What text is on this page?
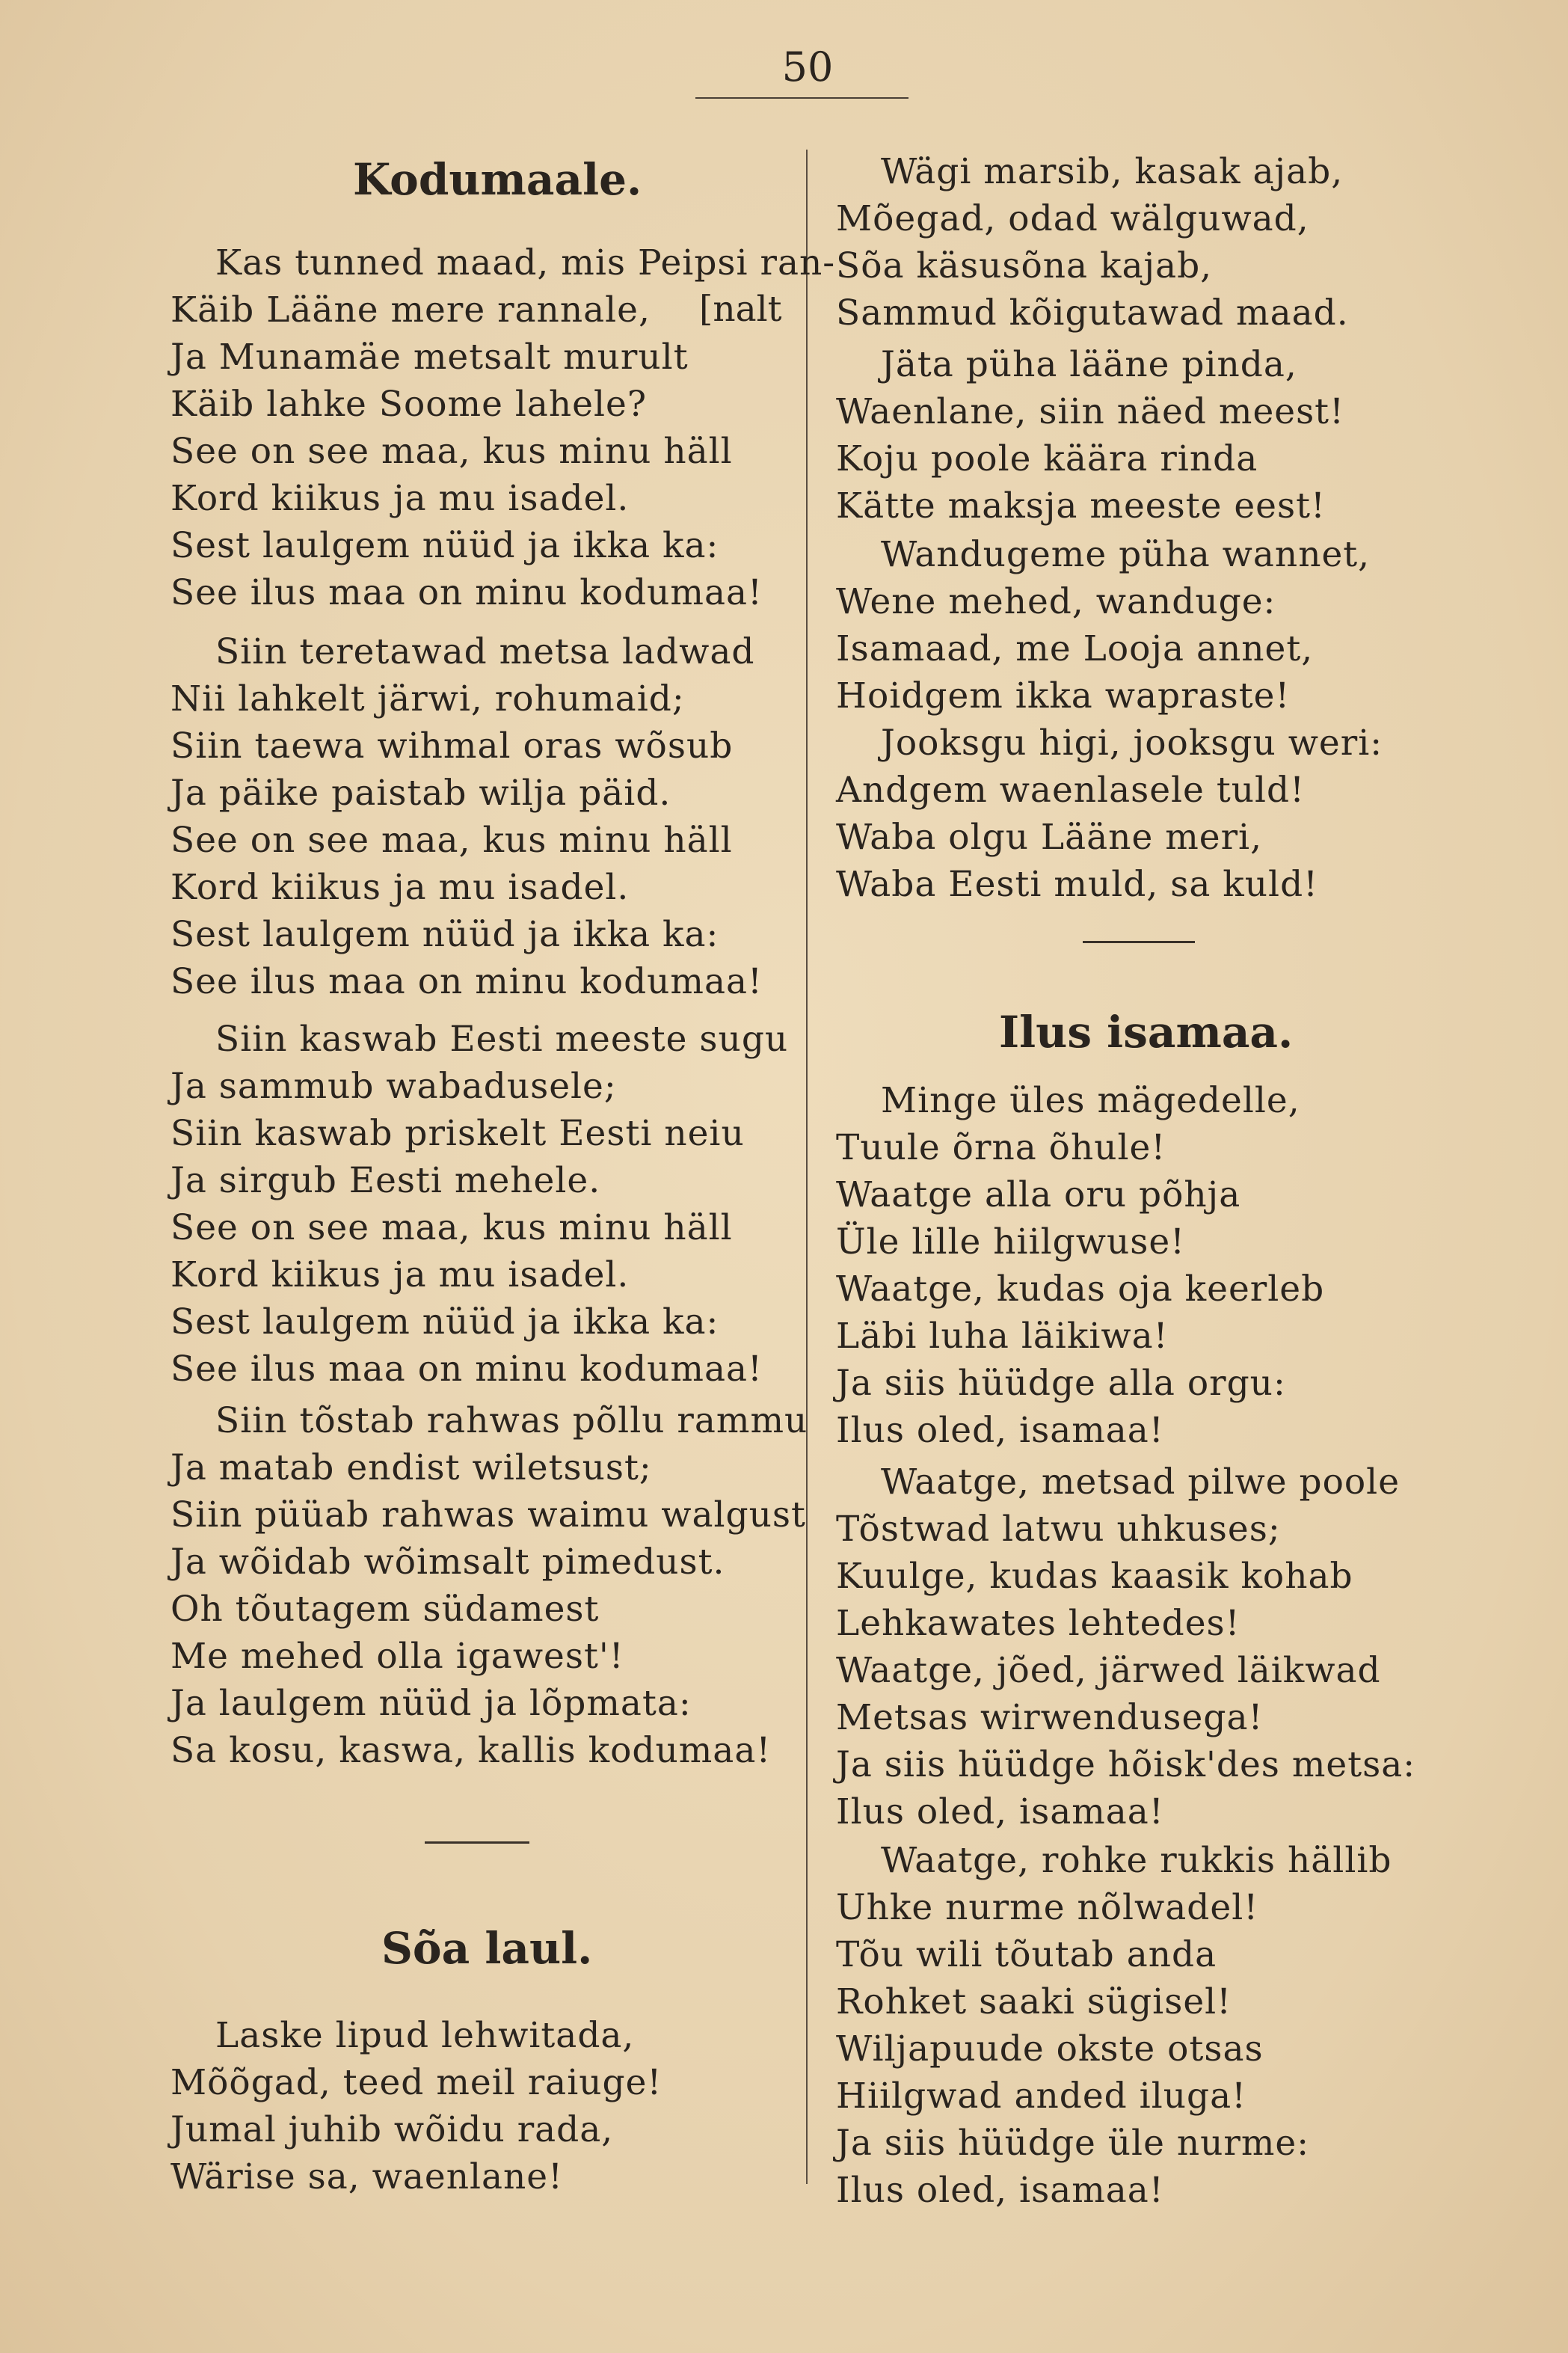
50
Kodumaale.
[nalt
Kas tunned maad, mis Peipsi ran-
Käib Lääne mere rannale,
Ja Munamäe metsalt murult
Käib lahke Soome lahele?
See on see maa, kus minu häll
Kord kiikus ja mu isadel.
Sest laulgem nüüd ja ikka ka:
See ilus maa on minu kodumaa!
Siin teretawad metsa ladwad
Nii lahkelt järwi, rohumaid;
Siin taewa wihmal oras wõsub
Ja päike paistab wilja päid.
See on see maa, kus minu häll
Kord kiikus ja mu isadel.
Sest laulgem nüüd ja ikka ka:
See ilus maa on minu kodumaa!
Siin kaswab Eesti meeste sugu
Ja sammub wabadusele;
Siin kaswab priskelt Eesti neiu
Ja sirgub Eesti mehele.
See on see maa, kus minu häll
Kord kiikus ja mu isadel.
Sest laulgem nüüd ja ikka ka:
See ilus maa on minu kodumaa!
Siin tõstab rahwas põllu rammu
Ja matab endist wiletsust;
Siin püüab rahwas waimu walgust
Ja wõidab wõimsalt pimedust.
Oh tõutagem südamest
Me mehed olla igawest'!
Ja laulgem nüüd ja lõpmata:
Sa kosu, kaswa, kallis kodumaa!
Sõa laul.
Laske lipud lehwitada,
Mõõgad, teed meil raiuge!
Jumal juhib wõidu rada,
Wärise sa, waenlane!
Wägi marsib, kasak ajab,
Mõegad, odad wälguwad,
Sõa käsusõna kajab,
Sammud kõigutawad maad.
Jäta püha lääne pinda,
Waenlane, siin näed meest!
Koju poole käära rinda
Kätte maksja meeste eest!
Wandugeme püha wannet,
Wene mehed, wanduge:
Isamaad, me Looja annet,
Hoidgem ikka wapraste!
Jooksgu higi, jooksgu weri:
Andgem waenlasele tuld!
Waba olgu Lääne meri,
Waba Eesti muld, sa kuld!
Ilus isamaa.
Minge üles mägedelle,
Tuule õrna õhule!
Waatge alla oru põhja
Üle lille hiilgwuse!
Waatge, kudas oja keerleb
Läbi luha läikiwa!
Ja siis hüüdge alla orgu:
Ilus oled, isamaa!
Waatge, metsad pilwe poole
Tõstwad latwu uhkuses;
Kuulge, kudas kaasik kohab
Lehkawates lehtedes!
Waatge, jõed, järwed läikwad
Metsas wirwendusega!
Ja siis hüüdge hõisk'des metsa:
Ilus oled, isamaa!
Waatge, rohke rukkis hällib
Uhke nurme nõlwadel!
Tõu wili tõutab anda
Rohket saaki sügisel!
Wiljapuude okste otsas
Hiilgwad anded iluga!
Ja siis hüüdge üle nurme:
Ilus oled, isamaa!
